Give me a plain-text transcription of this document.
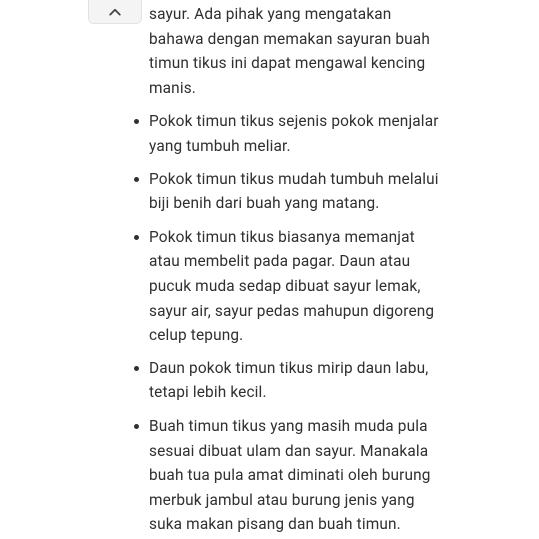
sayur. Ada pihak yang mengatakan bahawa dengan memakan sayuran buah timun tikus ini dapat mengawal kencing manis.

Pokok timun tikus sejenis pokok menjalar yang tumbuh meliar.
Pokok timun tikus mudah tumbuh melalui biji benih dari buah yang matang.
Pokok timun tikus biasanya memanjat atau membelit pada pagar. Daun atau pucuk muda sedap dibuat sayur lemak, sayur air, sayur pedas mahupun digoreng celup tepung.
Daun pokok timun tikus mirip daun labu, tetapi lebih kecil.
Buah timun tikus yang masih muda pula sesuai dibuat ulam dan sayur. Manakala buah tua pula amat diminati oleh burung merbuk jambul atau burung jenis yang suka makan pisang dan buah timun.
